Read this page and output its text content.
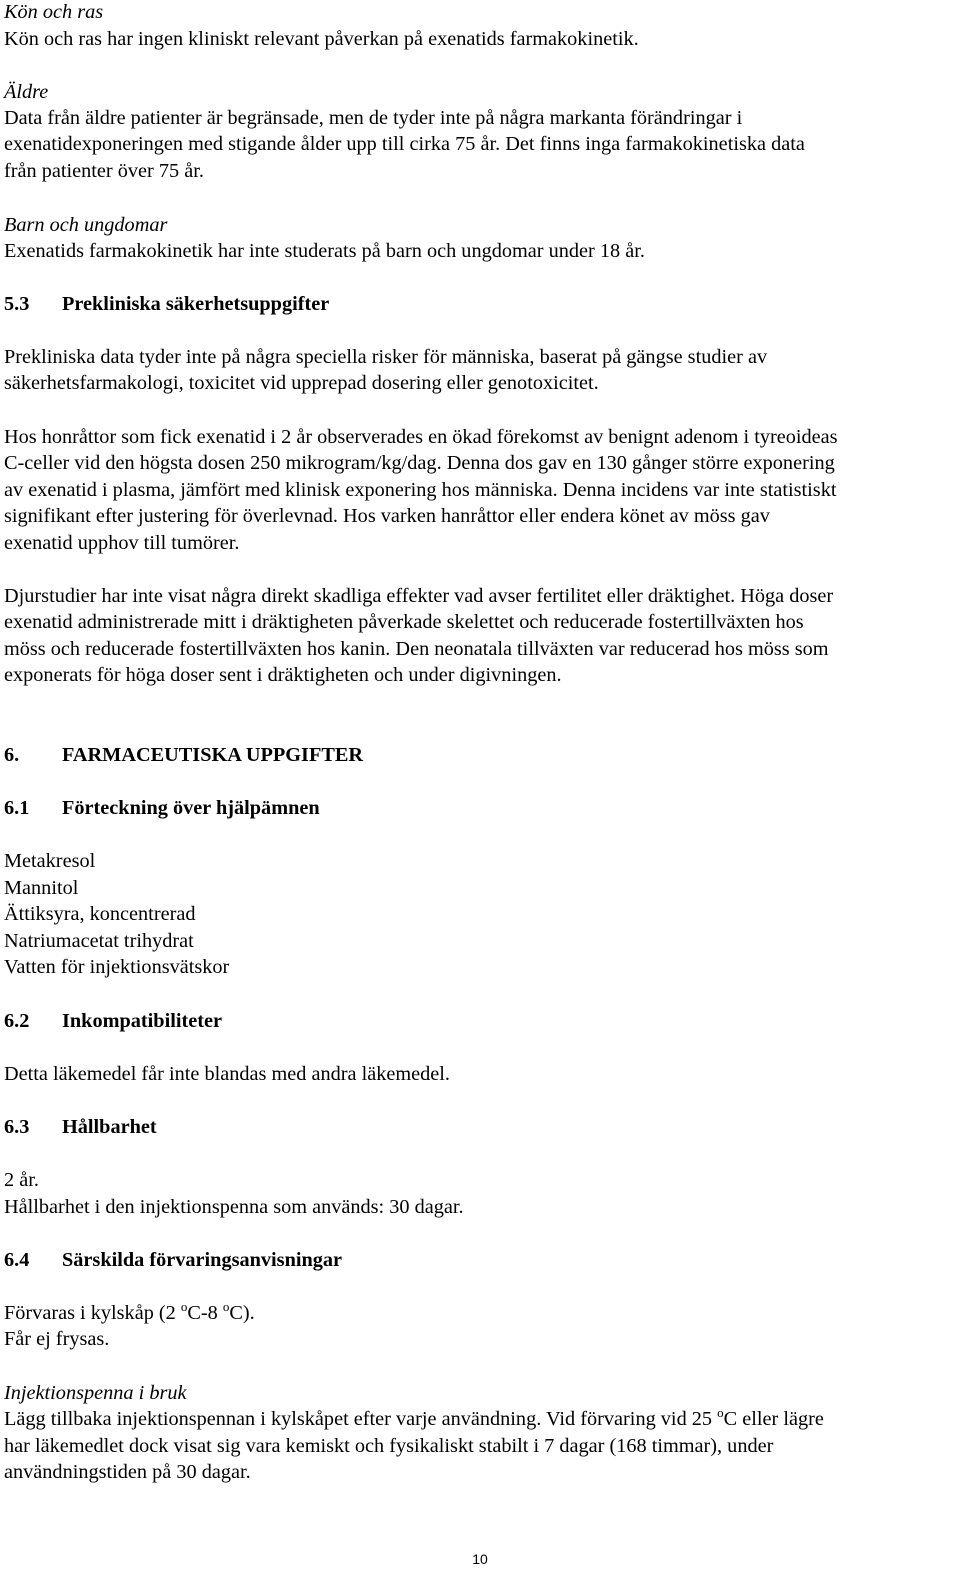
Kön och ras
Kön och ras har ingen kliniskt relevant påverkan på exenatids farmakokinetik.
Äldre
Data från äldre patienter är begränsade, men de tyder inte på några markanta förändringar i
exenatidexponeringen med stigande ålder upp till cirka 75 år. Det finns inga farmakokinetiska data
från patienter över 75 år.
Barn och ungdomar
Exenatids farmakokinetik har inte studerats på barn och ungdomar under 18 år.
5.3 Prekliniska säkerhetsuppgifter
Prekliniska data tyder inte på några speciella risker för människa, baserat på gängse studier av
säkerhetsfarmakologi, toxicitet vid upprepad dosering eller genotoxicitet.
Hos honråttor som fick exenatid i 2 år observerades en ökad förekomst av benignt adenom i tyreoideas
C-celler vid den högsta dosen 250 mikrogram/kg/dag. Denna dos gav en 130 gånger större exponering
av exenatid i plasma, jämfört med klinisk exponering hos människa. Denna incidens var inte statistiskt
signifikant efter justering för överlevnad. Hos varken hanråttor eller endera könet av möss gav
exenatid upphov till tumörer.
Djurstudier har inte visat några direkt skadliga effekter vad avser fertilitet eller dräktighet. Höga doser
exenatid administrerade mitt i dräktigheten påverkade skelettet och reducerade fostertillväxten hos
möss och reducerade fostertillväxten hos kanin. Den neonatala tillväxten var reducerad hos möss som
exponerats för höga doser sent i dräktigheten och under digivningen.
6. FARMACEUTISKA UPPGIFTER
6.1 Förteckning över hjälpämnen
Metakresol
Mannitol
Ättiksyra, koncentrerad
Natriumacetat trihydrat
Vatten för injektionsvätskor
6.2 Inkompatibiliteter
Detta läkemedel får inte blandas med andra läkemedel.
6.3 Hållbarhet
2 år.
Hållbarhet i den injektionspenna som används: 30 dagar.
6.4 Särskilda förvaringsanvisningar
Förvaras i kylskåp (2 $^o$C-8 $^o$C).
Får ej frysas.
Injektionspenna i bruk
Lägg tillbaka injektionspennan i kylskåpet efter varje användning. Vid förvaring vid 25 $^o$C eller lägre
har läkemedlet dock visat sig vara kemiskt och fysikaliskt stabilt i 7 dagar (168 timmar), under
användningstiden på 30 dagar.
10
